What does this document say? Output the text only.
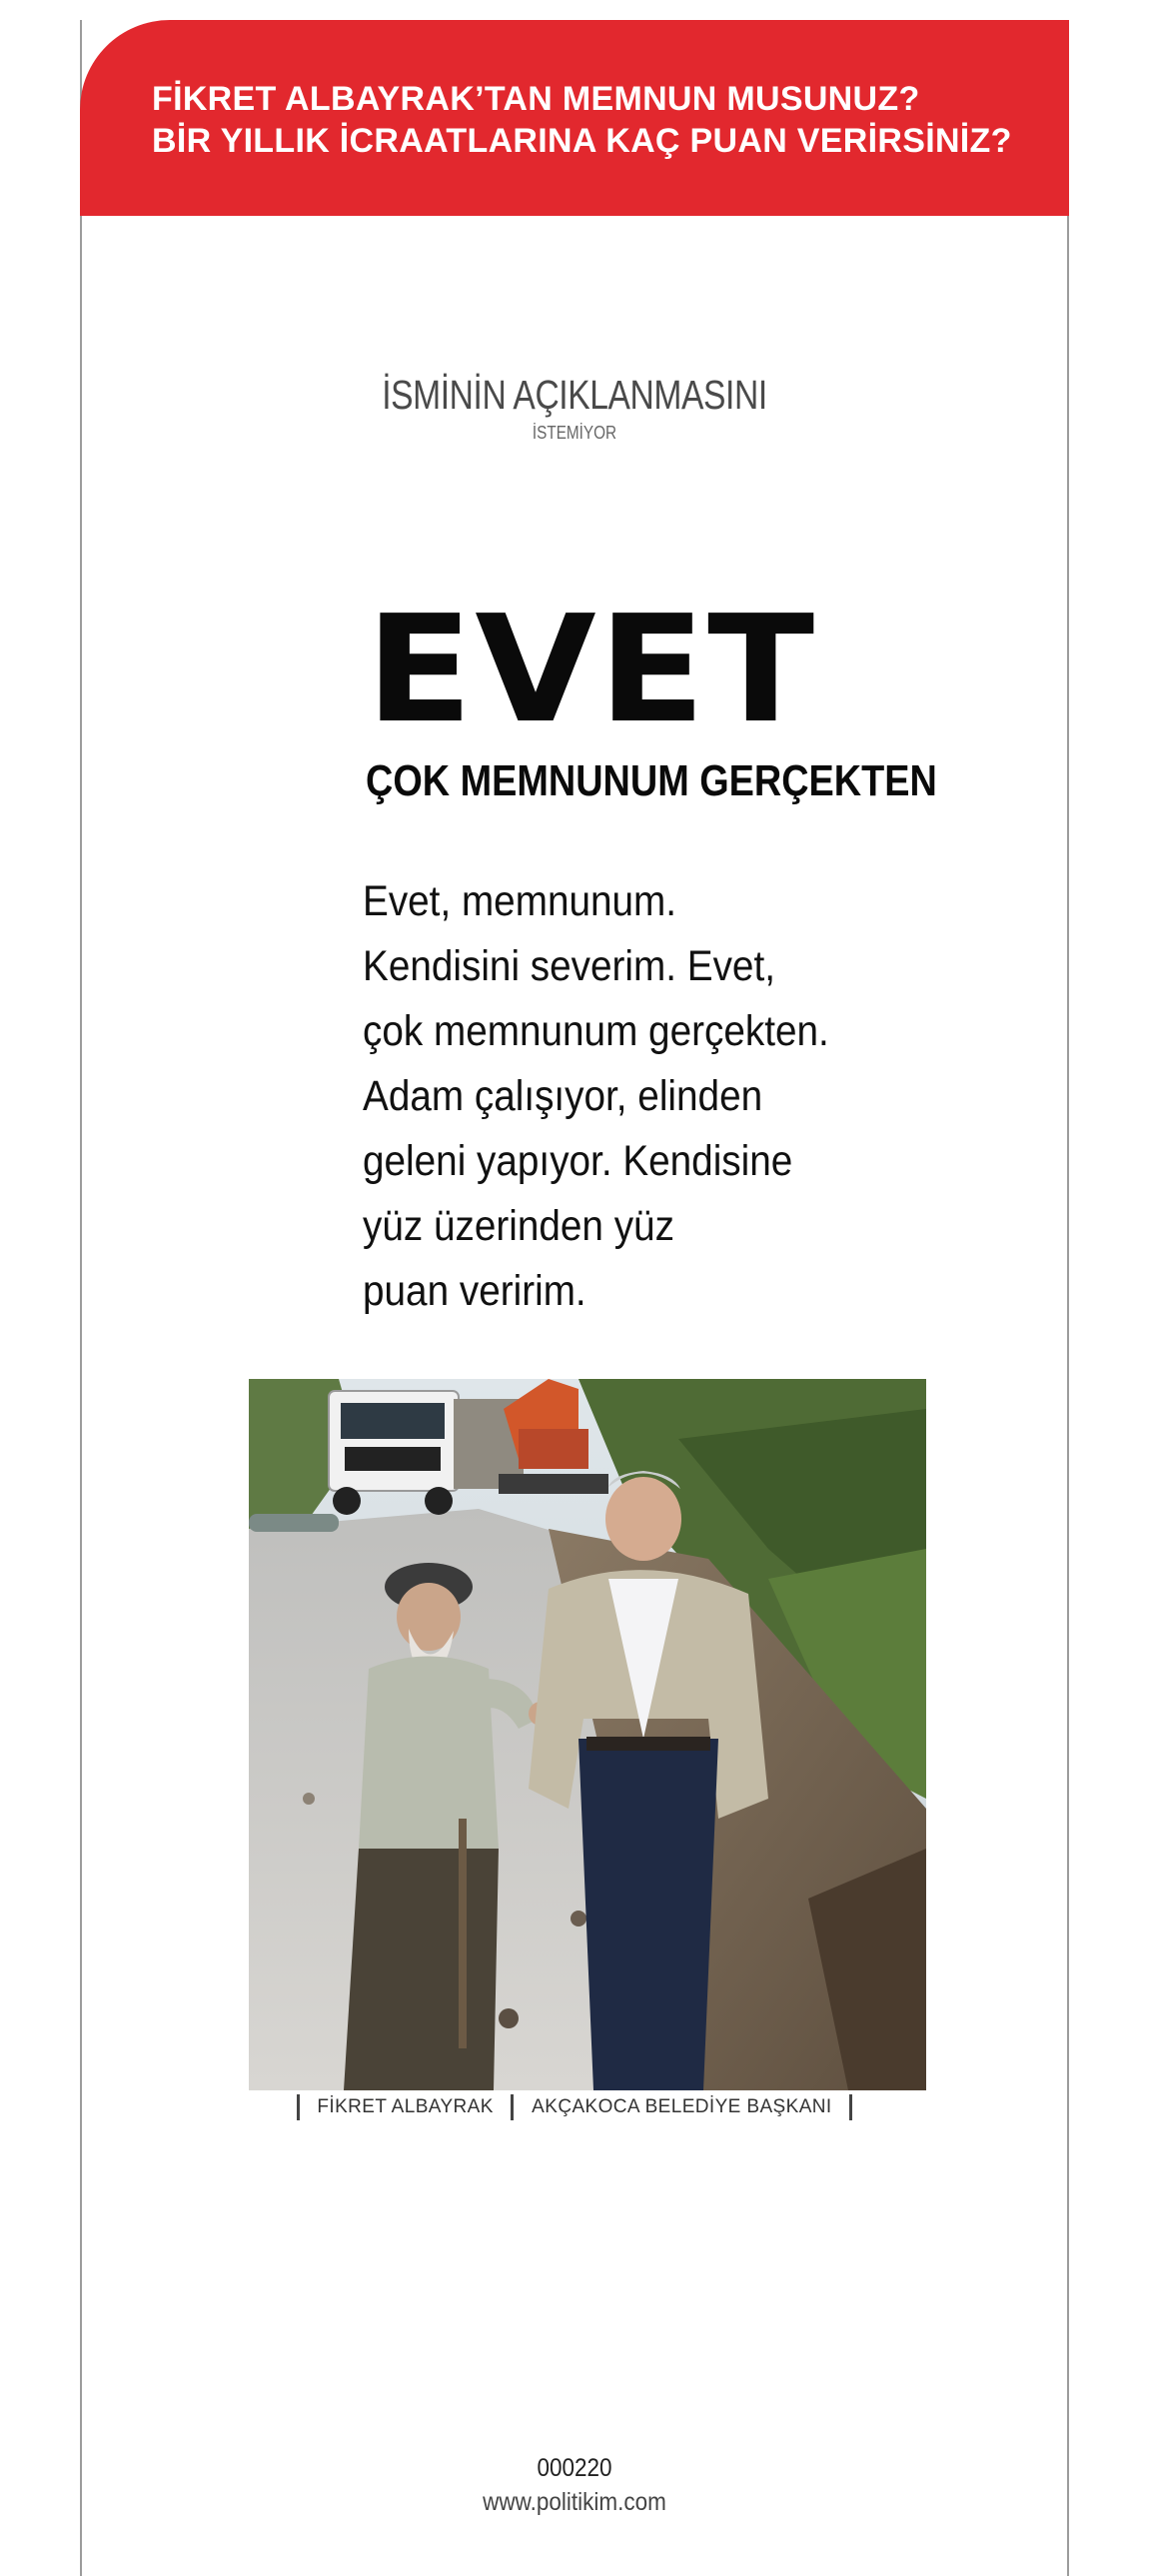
FİKRET ALBAYRAK’TAN MEMNUN MUSUNUZ?
BİR YILLIK İCRAATLARINA KAÇ PUAN VERİRSİNİZ?
İSMİNİN AÇIKLANMASINI
İSTEMİYOR
EVET
ÇOK MEMNUNUM GERÇEKTEN
Evet, memnunum.
Kendisini severim. Evet,
çok memnunum gerçekten.
Adam çalışıyor, elinden
geleni yapıyor. Kendisine
yüz üzerinden yüz
puan veririm.
FİKRET ALBAYRAK AKÇAKOCA BELEDİYE BAŞKANI
000220
www.politikim.com
